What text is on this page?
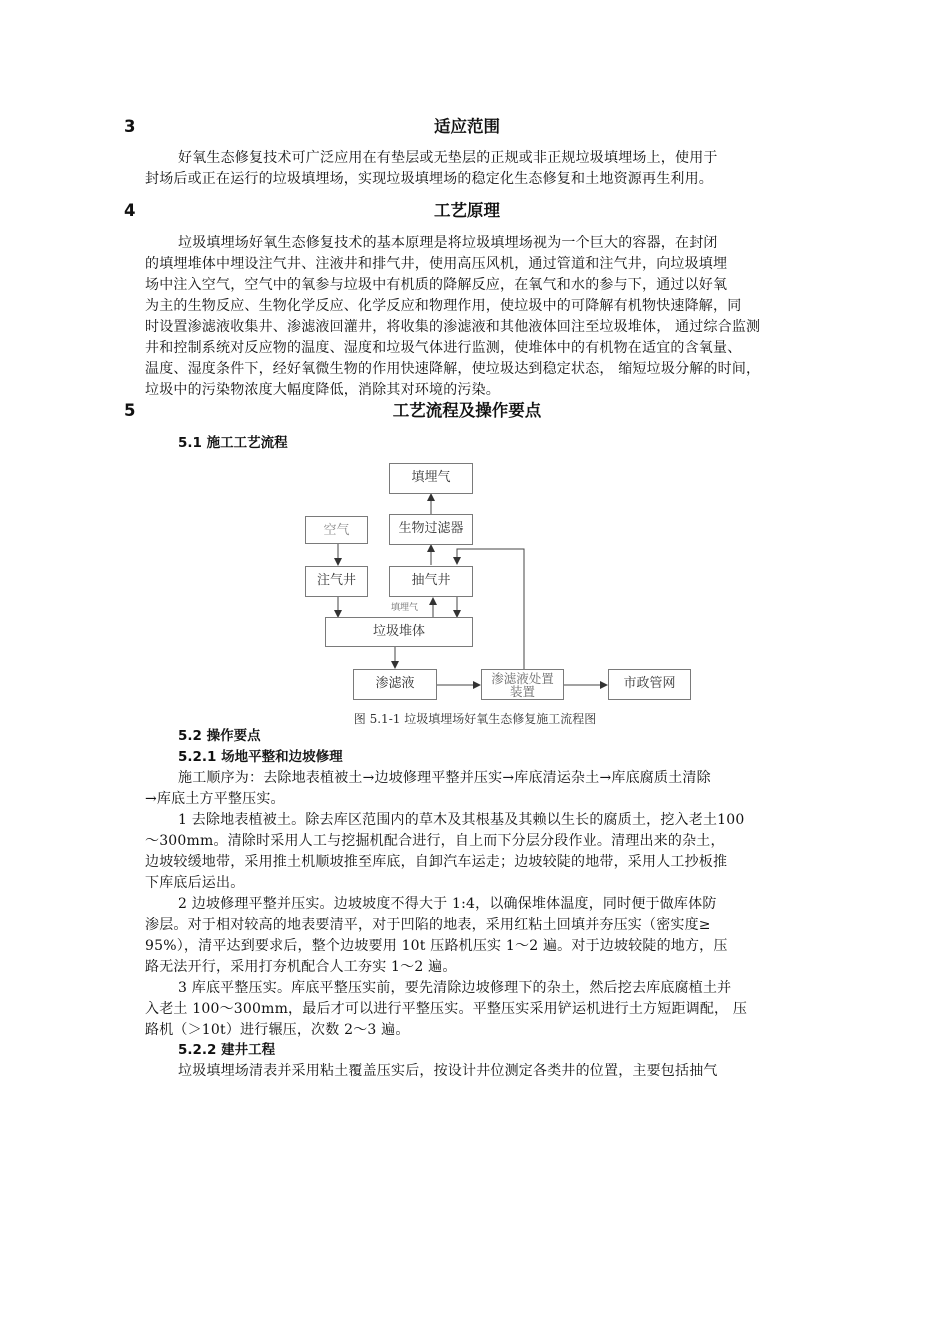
3	适应范围
好氧生态修复技术可广泛应用在有垫层或无垫层的正规或非正规垃圾填埋场上，使用于
封场后或正在运行的垃圾填埋场，实现垃圾填埋场的稳定化生态修复和土地资源再生利用。
4	工艺原理
垃圾填埋场好氧生态修复技术的基本原理是将垃圾填埋场视为一个巨大的容器，在封闭
的填埋堆体中埋设注气井、注液井和排气井，使用高压风机，通过管道和注气井，向垃圾填埋
场中注入空气，空气中的氧参与垃圾中有机质的降解反应，在氧气和水的参与下，通过以好氧
为主的生物反应、生物化学反应、化学反应和物理作用，使垃圾中的可降解有机物快速降解，同
时设置渗滤液收集井、渗滤液回灌井，将收集的渗滤液和其他液体回注至垃圾堆体， 通过综合监测
井和控制系统对反应物的温度、湿度和垃圾气体进行监测，使堆体中的有机物在适宜的含氧量、
温度、湿度条件下，经好氧微生物的作用快速降解，使垃圾达到稳定状态， 缩短垃圾分解的时间，
垃圾中的污染物浓度大幅度降低，消除其对环境的污染。
5	工艺流程及操作要点
5.1 施工工艺流程
填埋气
生物过滤器
空气
注气井	抽气井
填埋气
垃圾堆体
渗滤液	渗滤液处置
装置
市政管网
图 5.1-1 垃圾填埋场好氧生态修复施工流程图
5.2 操作要点
5.2.1 场地平整和边坡修理
施工顺序为：去除地表植被土→边坡修理平整并压实→库底清运杂土→库底腐质土清除
→库底土方平整压实。
1 去除地表植被土。除去库区范围内的草木及其根基及其赖以生长的腐质土，挖入老土100
～300mm。清除时采用人工与挖掘机配合进行，自上而下分层分段作业。清理出来的杂土，
边坡较缓地带，采用推土机顺坡推至库底，自卸汽车运走；边坡较陡的地带，采用人工抄板推
下库底后运出。
2 边坡修理平整并压实。边坡坡度不得大于 1:4，以确保堆体温度，同时便于做库体防
渗层。对于相对较高的地表要清平，对于凹陷的地表，采用红粘土回填并夯压实（密实度≥
95%），清平达到要求后，整个边坡要用 10t 压路机压实 1～2 遍。对于边坡较陡的地方，压
路无法开行，采用打夯机配合人工夯实 1～2 遍。
3 库底平整压实。库底平整压实前，要先清除边坡修理下的杂土，然后挖去库底腐植土并
入老土 100～300mm，最后才可以进行平整压实。平整压实采用铲运机进行土方短距调配， 压
路机（＞10t）进行辗压，次数 2～3 遍。
5.2.2 建井工程
垃圾填埋场清表并采用粘土覆盖压实后，按设计井位测定各类井的位置，主要包括抽气
